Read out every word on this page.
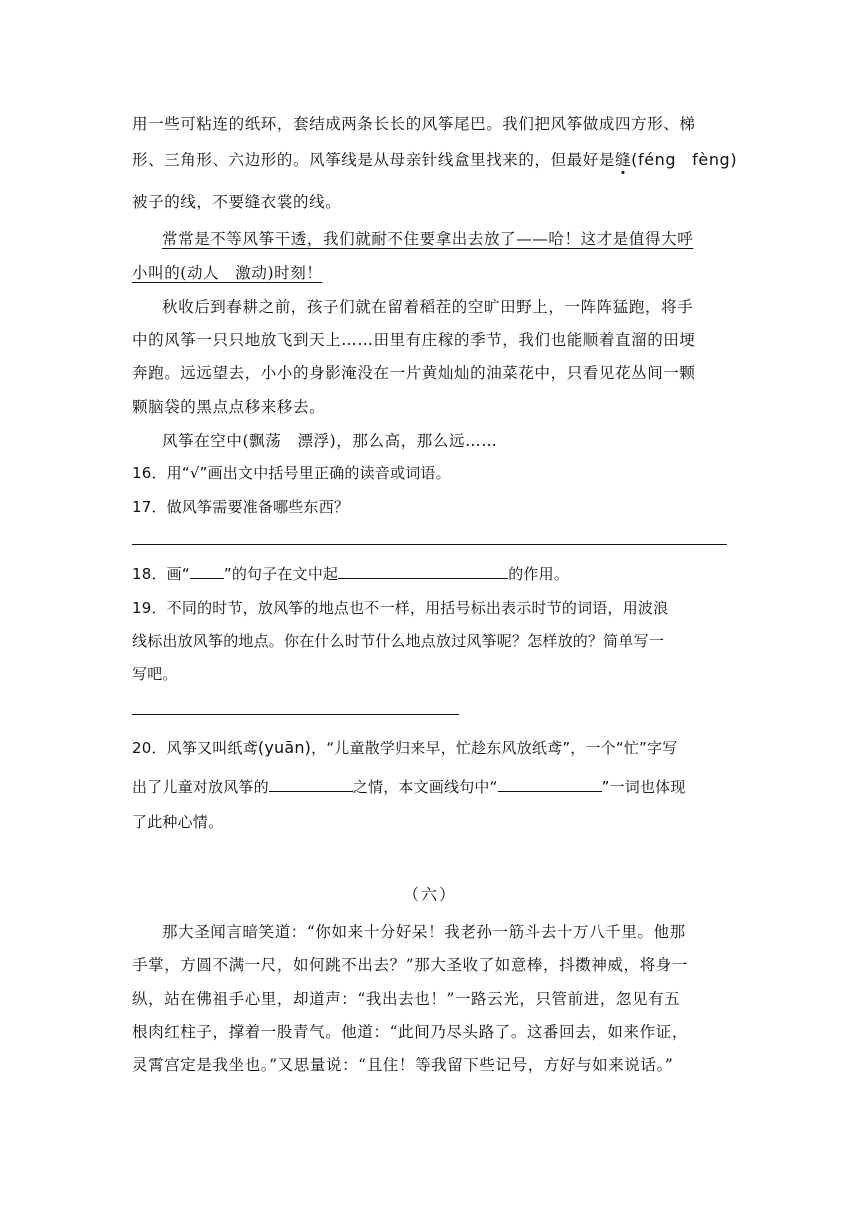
用一些可粘连的纸环，套结成两条长长的风筝尾巴。我们把风筝做成四方形、梯
形、三角形、六边形的。风筝线是从母亲针线盒里找来的，但最好是缝(féng fèng)
被子的线，不要缝衣裳的线。
常常是不等风筝干透，我们就耐不住要拿出去放了——哈！这才是值得大呼
小叫的(动人　激动)时刻！
秋收后到春耕之前，孩子们就在留着稻茬的空旷田野上，一阵阵猛跑，将手
中的风筝一只只地放飞到天上……田里有庄稼的季节，我们也能顺着直溜的田埂
奔跑。远远望去，小小的身影淹没在一片黄灿灿的油菜花中，只看见花丛间一颗
颗脑袋的黑点点移来移去。
风筝在空中(飘荡　漂浮)，那么高，那么远……
16．用“√”画出文中括号里正确的读音或词语。
17．做风筝需要准备哪些东西？
18．画“ ”的句子在文中起	的作用。
19．不同的时节，放风筝的地点也不一样，用括号标出表示时节的词语，用波浪
线标出放风筝的地点。你在什么时节什么地点放过风筝呢？怎样放的？简单写一
写吧。
20．风筝又叫纸鸢(yuān)，“儿童散学归来早，忙趁东风放纸鸢”，一个“忙”字写
出了儿童对放风筝的	之情，本文画线句中“	”一词也体现
了此种心情。
（六）
那大圣闻言暗笑道：“你如来十分好呆！我老孙一筋斗去十万八千里。他那
手掌，方圆不满一尺，如何跳不出去？”那大圣收了如意棒，抖擞神威，将身一
纵，站在佛祖手心里，却道声：“我出去也！”一路云光，只管前进，忽见有五
根肉红柱子，撑着一股青气。他道：“此间乃尽头路了。这番回去，如来作证，
灵霄宫定是我坐也。”又思量说：“且住！等我留下些记号，方好与如来说话。”
